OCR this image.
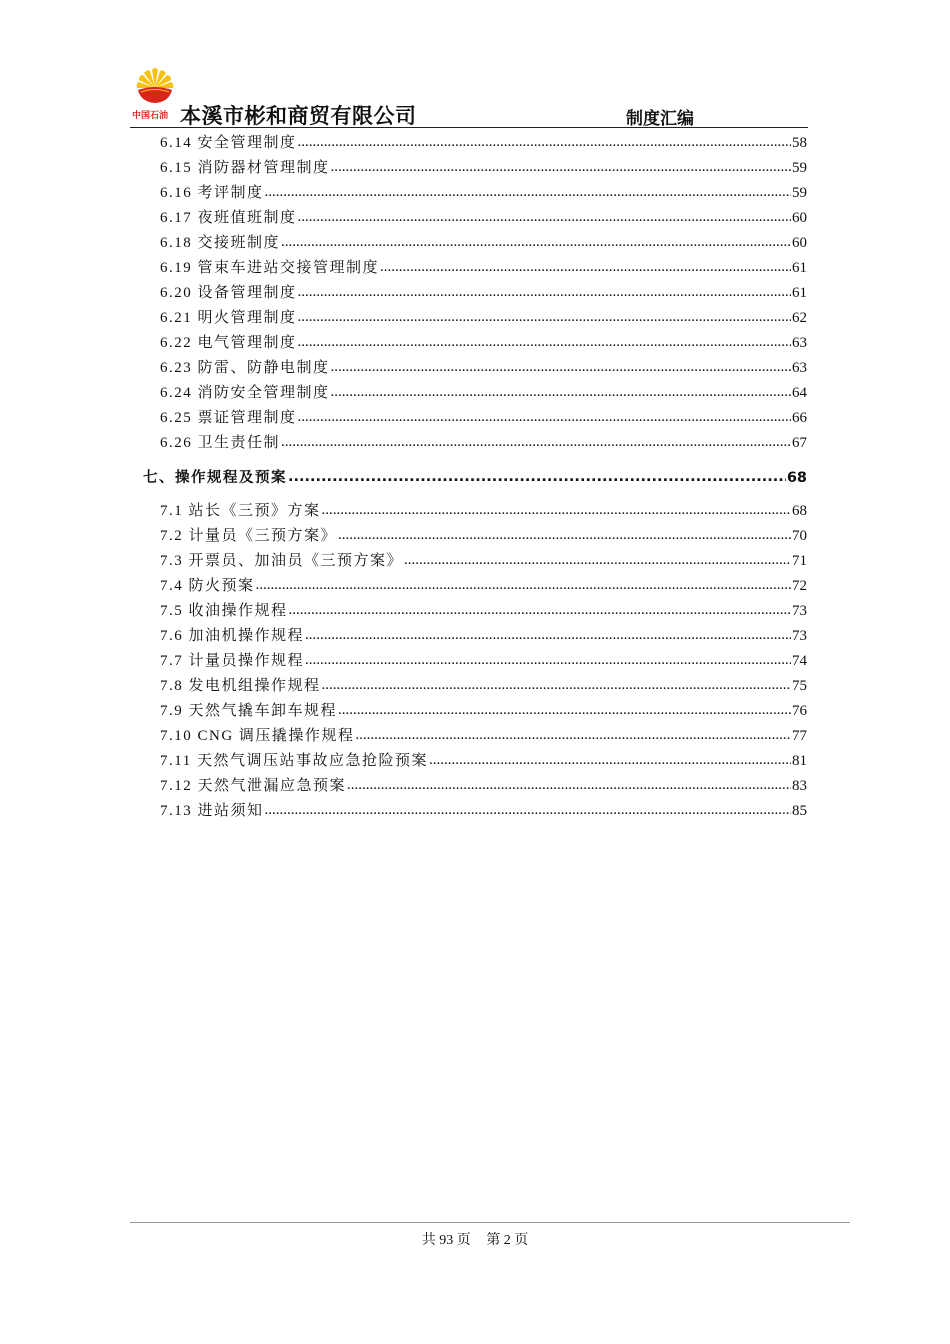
中国石油 本溪市彬和商贸有限公司	制度汇编
6.14 安全管理制度 .....	58
6.15 消防器材管理制度 .....	59
6.16 考评制度 .....	59
6.17 夜班值班制度 .....	60
6.18 交接班制度 .....	60
6.19 管束车进站交接管理制度 .....	61
6.20 设备管理制度 .....	61
6.21 明火管理制度 .....	62
6.22 电气管理制度 .....	63
6.23 防雷、防静电制度 .....	63
6.24 消防安全管理制度 .....	64
6.25 票证管理制度 .....	66
6.26 卫生责任制 .....	67
七、操作规程及预案 .....	68
7.1 站长《三预》方案 .....	68
7.2 计量员《三预方案》 .....	70
7.3 开票员、加油员《三预方案》 .....	71
7.4 防火预案 .....	72
7.5 收油操作规程 .....	73
7.6 加油机操作规程 .....	73
7.7 计量员操作规程 .....	74
7.8 发电机组操作规程 .....	75
7.9 天然气撬车卸车规程 .....	76
7.10 CNG 调压撬操作规程 .....	77
7.11 天然气调压站事故应急抢险预案 .....	81
7.12 天然气泄漏应急预案 .....	83
7.13 进站须知 .....	85
共 93 页 第 2 页
